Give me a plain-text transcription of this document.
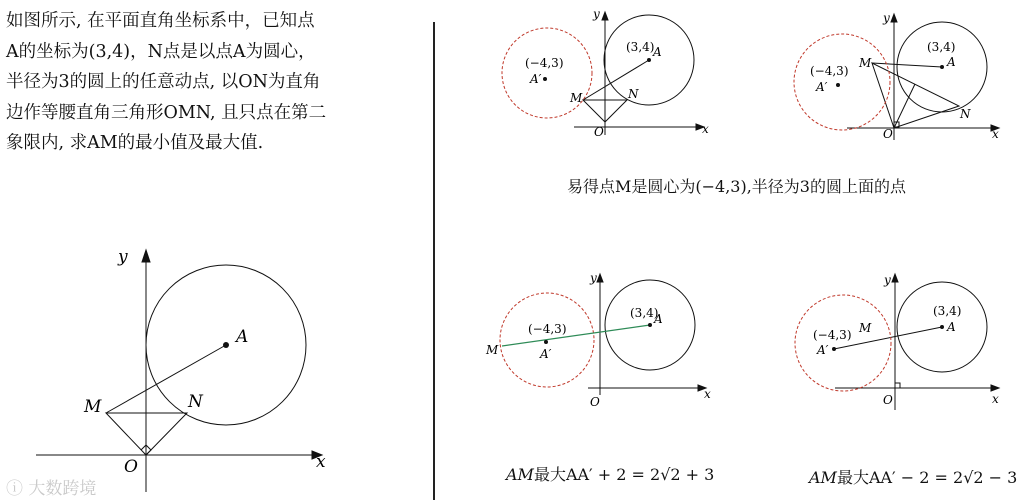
如图所示, 在平面直角坐标系中，已知点
A的坐标为(3,4)，N点是以点A为圆心，
半径为3的圆上的任意动点, 以ON为直角
边作等腰直角三角形OMN, 且只点在第二
象限内, 求AM的最小值及最大值.
y
x
A
M	N
O
y
x
(3,4)
A
(−4,3)
A′
M	N
O
y
x
(3,4)
A
(−4,3)
A′
M
N
O
易得点M是圆心为(−4,3),半径为3的圆上面的点
y
x
(3,4)
A
(−4,3)
A′
M
O
y
x
(3,4)
A
(−4,3)
A′
M
O
AM最大AA′ + 2 = 2√2 + 3	AM最大AA′ − 2 = 2√2 − 3
ⓘ 大数跨境
